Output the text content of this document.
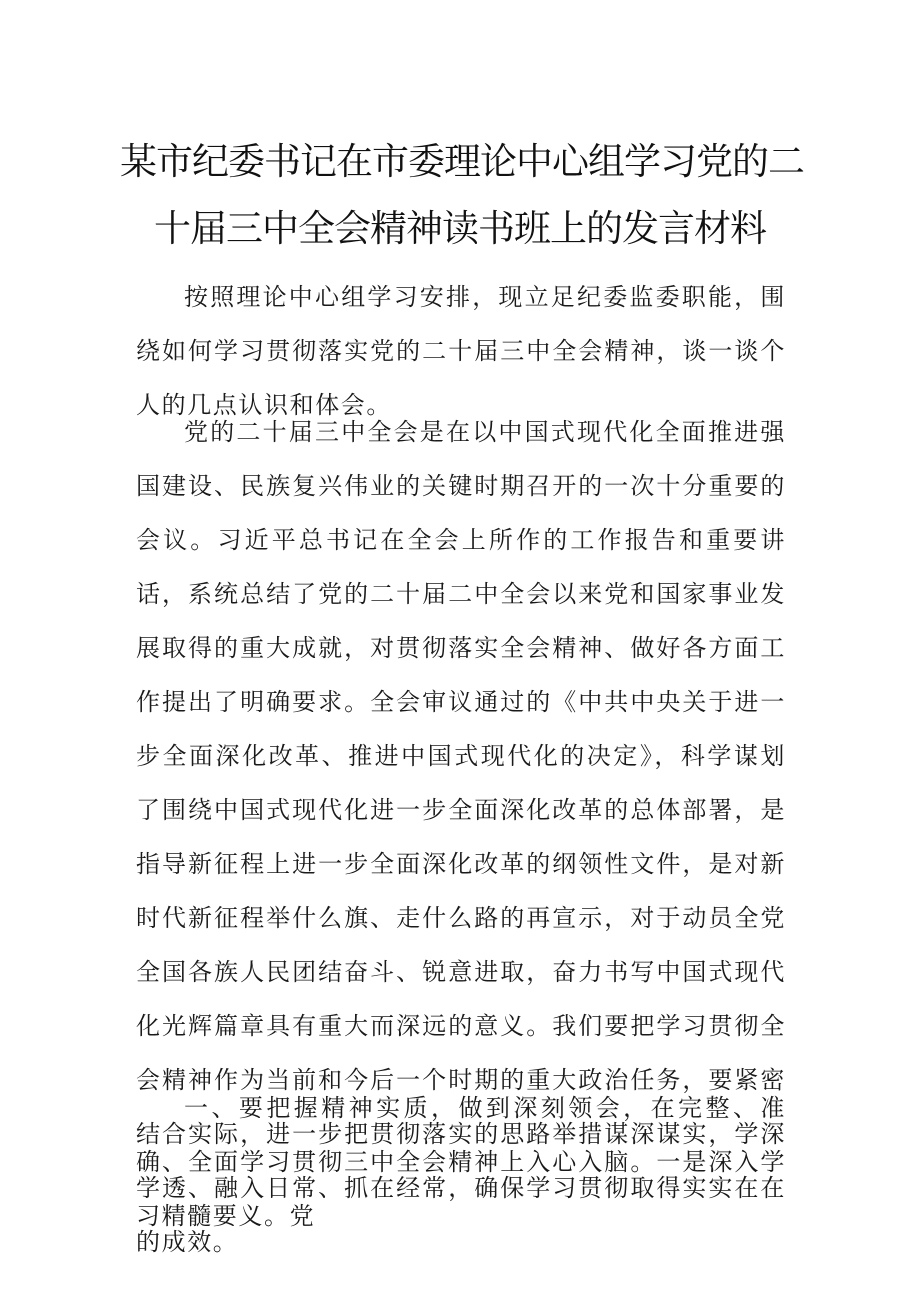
某市纪委书记在市委理论中心组学习党的二
十届三中全会精神读书班上的发言材料

按照理论中心组学习安排，现立足纪委监委职能，围绕如何学习贯彻落实党的二十届三中全会精神，谈一谈个人的几点认识和体会。

党的二十届三中全会是在以中国式现代化全面推进强国建设、民族复兴伟业的关键时期召开的一次十分重要的会议。习近平总书记在全会上所作的工作报告和重要讲话，系统总结了党的二十届二中全会以来党和国家事业发展取得的重大成就，对贯彻落实全会精神、做好各方面工作提出了明确要求。全会审议通过的《中共中央关于进一步全面深化改革、推进中国式现代化的决定》，科学谋划了围绕中国式现代化进一步全面深化改革的总体部署，是指导新征程上进一步全面深化改革的纲领性文件，是对新时代新征程举什么旗、走什么路的再宣示，对于动员全党全国各族人民团结奋斗、锐意进取，奋力书写中国式现代化光辉篇章具有重大而深远的意义。我们要把学习贯彻全会精神作为当前和今后一个时期的重大政治任务，要紧密结合实际，进一步把贯彻落实的思路举措谋深谋实，学深学透、融入日常、抓在经常，确保学习贯彻取得实实在在的成效。

一、要把握精神实质，做到深刻领会，在完整、准确、全面学习贯彻三中全会精神上入心入脑。一是深入学习精髓要义。党
